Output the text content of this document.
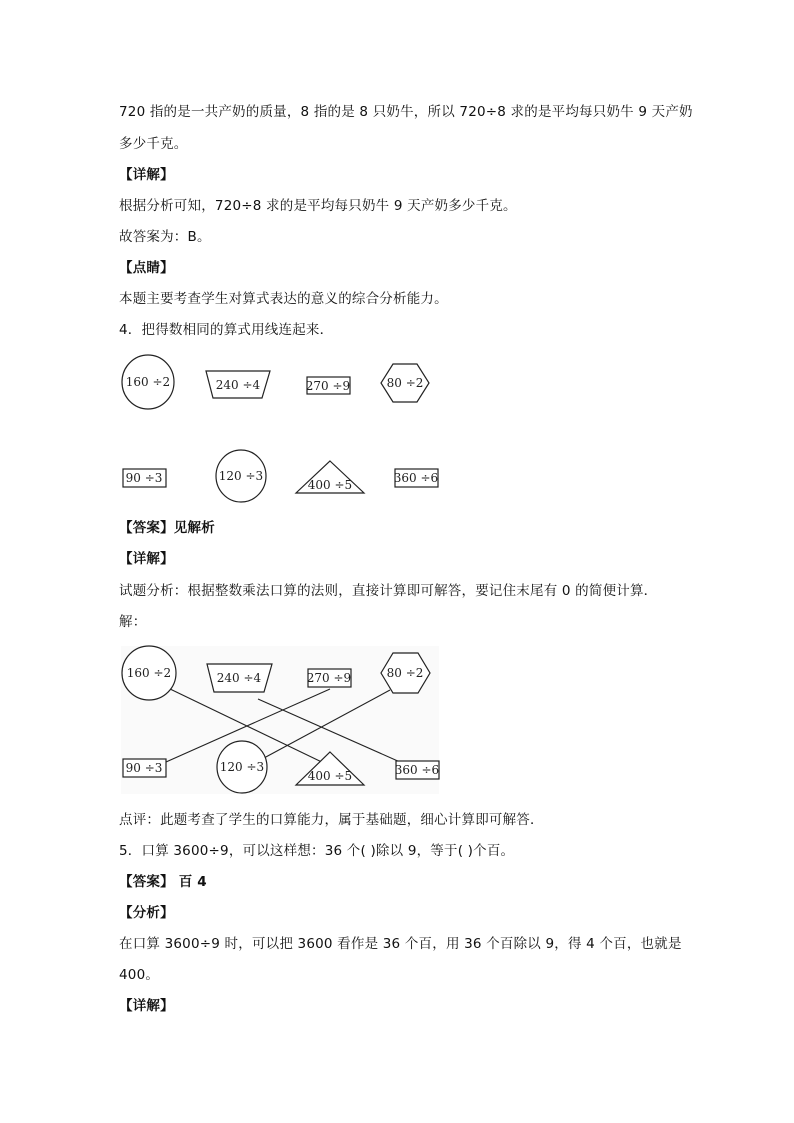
720 指的是一共产奶的质量，8 指的是 8 只奶牛，所以 720÷8 求的是平均每只奶牛 9 天产奶
多少千克。
【详解】
根据分析可知，720÷8 求的是平均每只奶牛 9 天产奶多少千克。
故答案为：B。
【点睛】
本题主要考查学生对算式表达的意义的综合分析能力。
4．把得数相同的算式用线连起来．
160 ÷2	240 ÷4	270 ÷9	80 ÷2
90 ÷3	120 ÷3
400 ÷5	360 ÷6
【答案】见解析
【详解】
试题分析：根据整数乘法口算的法则，直接计算即可解答，要记住末尾有 0 的简便计算．
解：
160 ÷2	240 ÷4	270 ÷9	80 ÷2
90 ÷3	120 ÷3
400 ÷5	360 ÷6
点评：此题考查了学生的口算能力，属于基础题，细心计算即可解答．
5．口算 3600÷9，可以这样想：36 个( )除以 9，等于( )个百。
【答案】 百 4
【分析】
在口算 3600÷9 时，可以把 3600 看作是 36 个百，用 36 个百除以 9，得 4 个百，也就是
400。
【详解】
